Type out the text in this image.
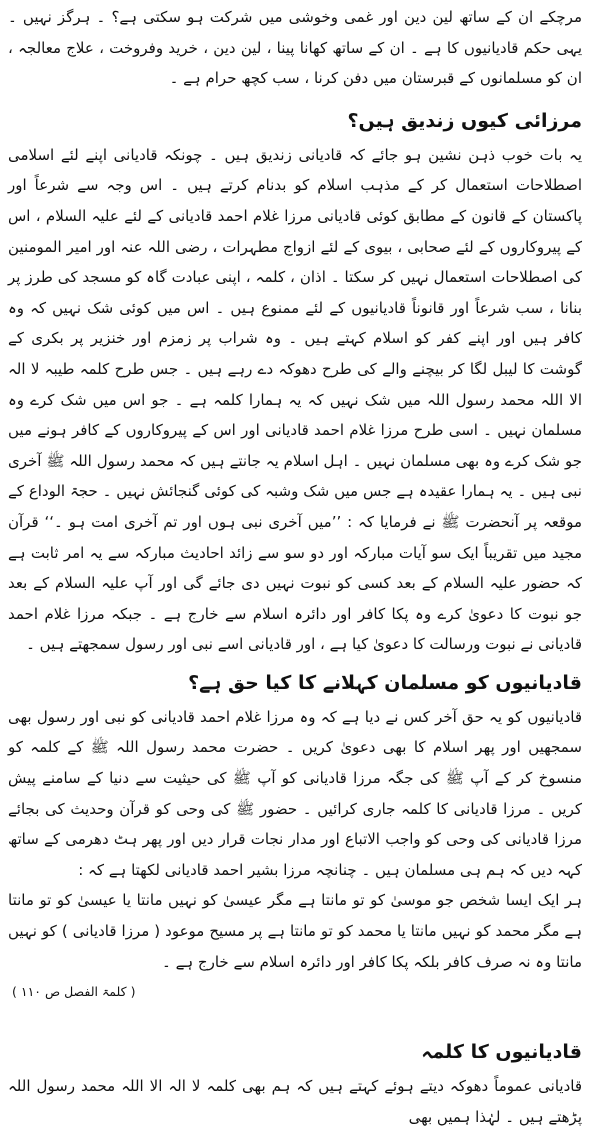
مرچکے ان کے ساتھ لین دین اور غمی وخوشی میں شرکت ہو سکتی ہے؟ ۔ ہرگز نہیں ۔ یہی حکم قادیانیوں کا ہے ۔ ان کے ساتھ کھانا پینا ، لین دین ، خرید وفروخت ، علاج معالجہ ، ان کو مسلمانوں کے قبرستان میں دفن کرنا ، سب کچھ حرام ہے ۔

مرزائی کیوں زندیق ہیں؟

یہ بات خوب ذہن نشین ہو جائے کہ قادیانی زندیق ہیں ۔ چونکہ قادیانی اپنے لئے اسلامی اصطلاحات استعمال کر کے مذہب اسلام کو بدنام کرتے ہیں ۔ اس وجہ سے شرعاً اور پاکستان کے قانون کے مطابق کوئی قادیانی مرزا غلام احمد قادیانی کے لئے علیہ السلام ، اس کے پیروکاروں کے لئے صحابی ، بیوی کے لئے ازواج مطہرات ، رضی اللہ عنہ اور امیر المومنین کی اصطلاحات استعمال نہیں کر سکتا ۔ اذان ، کلمہ ، اپنی عبادت گاہ کو مسجد کی طرز پر بنانا ، سب شرعاً اور قانوناً قادیانیوں کے لئے ممنوع ہیں ۔ اس میں کوئی شک نہیں کہ وہ کافر ہیں اور اپنے کفر کو اسلام کہتے ہیں ۔ وہ شراب پر زمزم اور خنزیر پر بکری کے گوشت کا لیبل لگا کر بیچنے والے کی طرح دھوکہ دے رہے ہیں ۔ جس طرح کلمہ طیبہ لا الہ الا اللہ محمد رسول اللہ میں شک نہیں کہ یہ ہمارا کلمہ ہے ۔ جو اس میں شک کرے وہ مسلمان نہیں ۔ اسی طرح مرزا غلام احمد قادیانی اور اس کے پیروکاروں کے کافر ہونے میں جو شک کرے وہ بھی مسلمان نہیں ۔ اہل اسلام یہ جانتے ہیں کہ محمد رسول اللہ ﷺ آخری نبی ہیں ۔ یہ ہمارا عقیدہ ہے جس میں شک وشبہ کی کوئی گنجائش نہیں ۔ حجۃ الوداع کے موقعہ پر آنحضرت ﷺ نے فرمایا کہ : ’’میں آخری نبی ہوں اور تم آخری امت ہو ۔‘‘ قرآن مجید میں تقریباً ایک سو آیات مبارکہ اور دو سو سے زائد احادیث مبارکہ سے یہ امر ثابت ہے کہ حضور علیہ السلام کے بعد کسی کو نبوت نہیں دی جائے گی اور آپ علیہ السلام کے بعد جو نبوت کا دعویٰ کرے وہ پکا کافر اور دائرہ اسلام سے خارج ہے ۔ جبکہ مرزا غلام احمد قادیانی نے نبوت ورسالت کا دعویٰ کیا ہے ، اور قادیانی اسے نبی اور رسول سمجھتے ہیں ۔

قادیانیوں کو مسلمان کہلانے کا کیا حق ہے؟

قادیانیوں کو یہ حق آخر کس نے دیا ہے کہ وہ مرزا غلام احمد قادیانی کو نبی اور رسول بھی سمجھیں اور پھر اسلام کا بھی دعویٰ کریں ۔ حضرت محمد رسول اللہ ﷺ کے کلمہ کو منسوخ کر کے آپ ﷺ کی جگہ مرزا قادیانی کو آپ ﷺ کی حیثیت سے دنیا کے سامنے پیش کریں ۔ مرزا قادیانی کا کلمہ جاری کرائیں ۔ حضور ﷺ کی وحی کو قرآن وحدیث کی بجائے مرزا قادیانی کی وحی کو واجب الاتباع اور مدار نجات قرار دیں اور پھر ہٹ دھرمی کے ساتھ کہہ دیں کہ ہم ہی مسلمان ہیں ۔ چنانچہ مرزا بشیر احمد قادیانی لکھتا ہے کہ :

ہر ایک ایسا شخص جو موسیٰ کو تو مانتا ہے مگر عیسیٰ کو نہیں مانتا یا عیسیٰ کو تو مانتا ہے مگر محمد کو نہیں مانتا یا محمد کو تو مانتا ہے پر مسیح موعود ( مرزا قادیانی ) کو نہیں مانتا وہ نہ صرف کافر بلکہ پکا کافر اور دائرہ اسلام سے خارج ہے ۔

( کلمۃ الفصل ص ۱۱۰ )

قادیانیوں کا کلمہ

قادیانی عموماً دھوکہ دیتے ہوئے کہتے ہیں کہ ہم بھی کلمہ لا الہ الا اللہ محمد رسول اللہ پڑھتے ہیں ۔ لہٰذا ہمیں بھی
